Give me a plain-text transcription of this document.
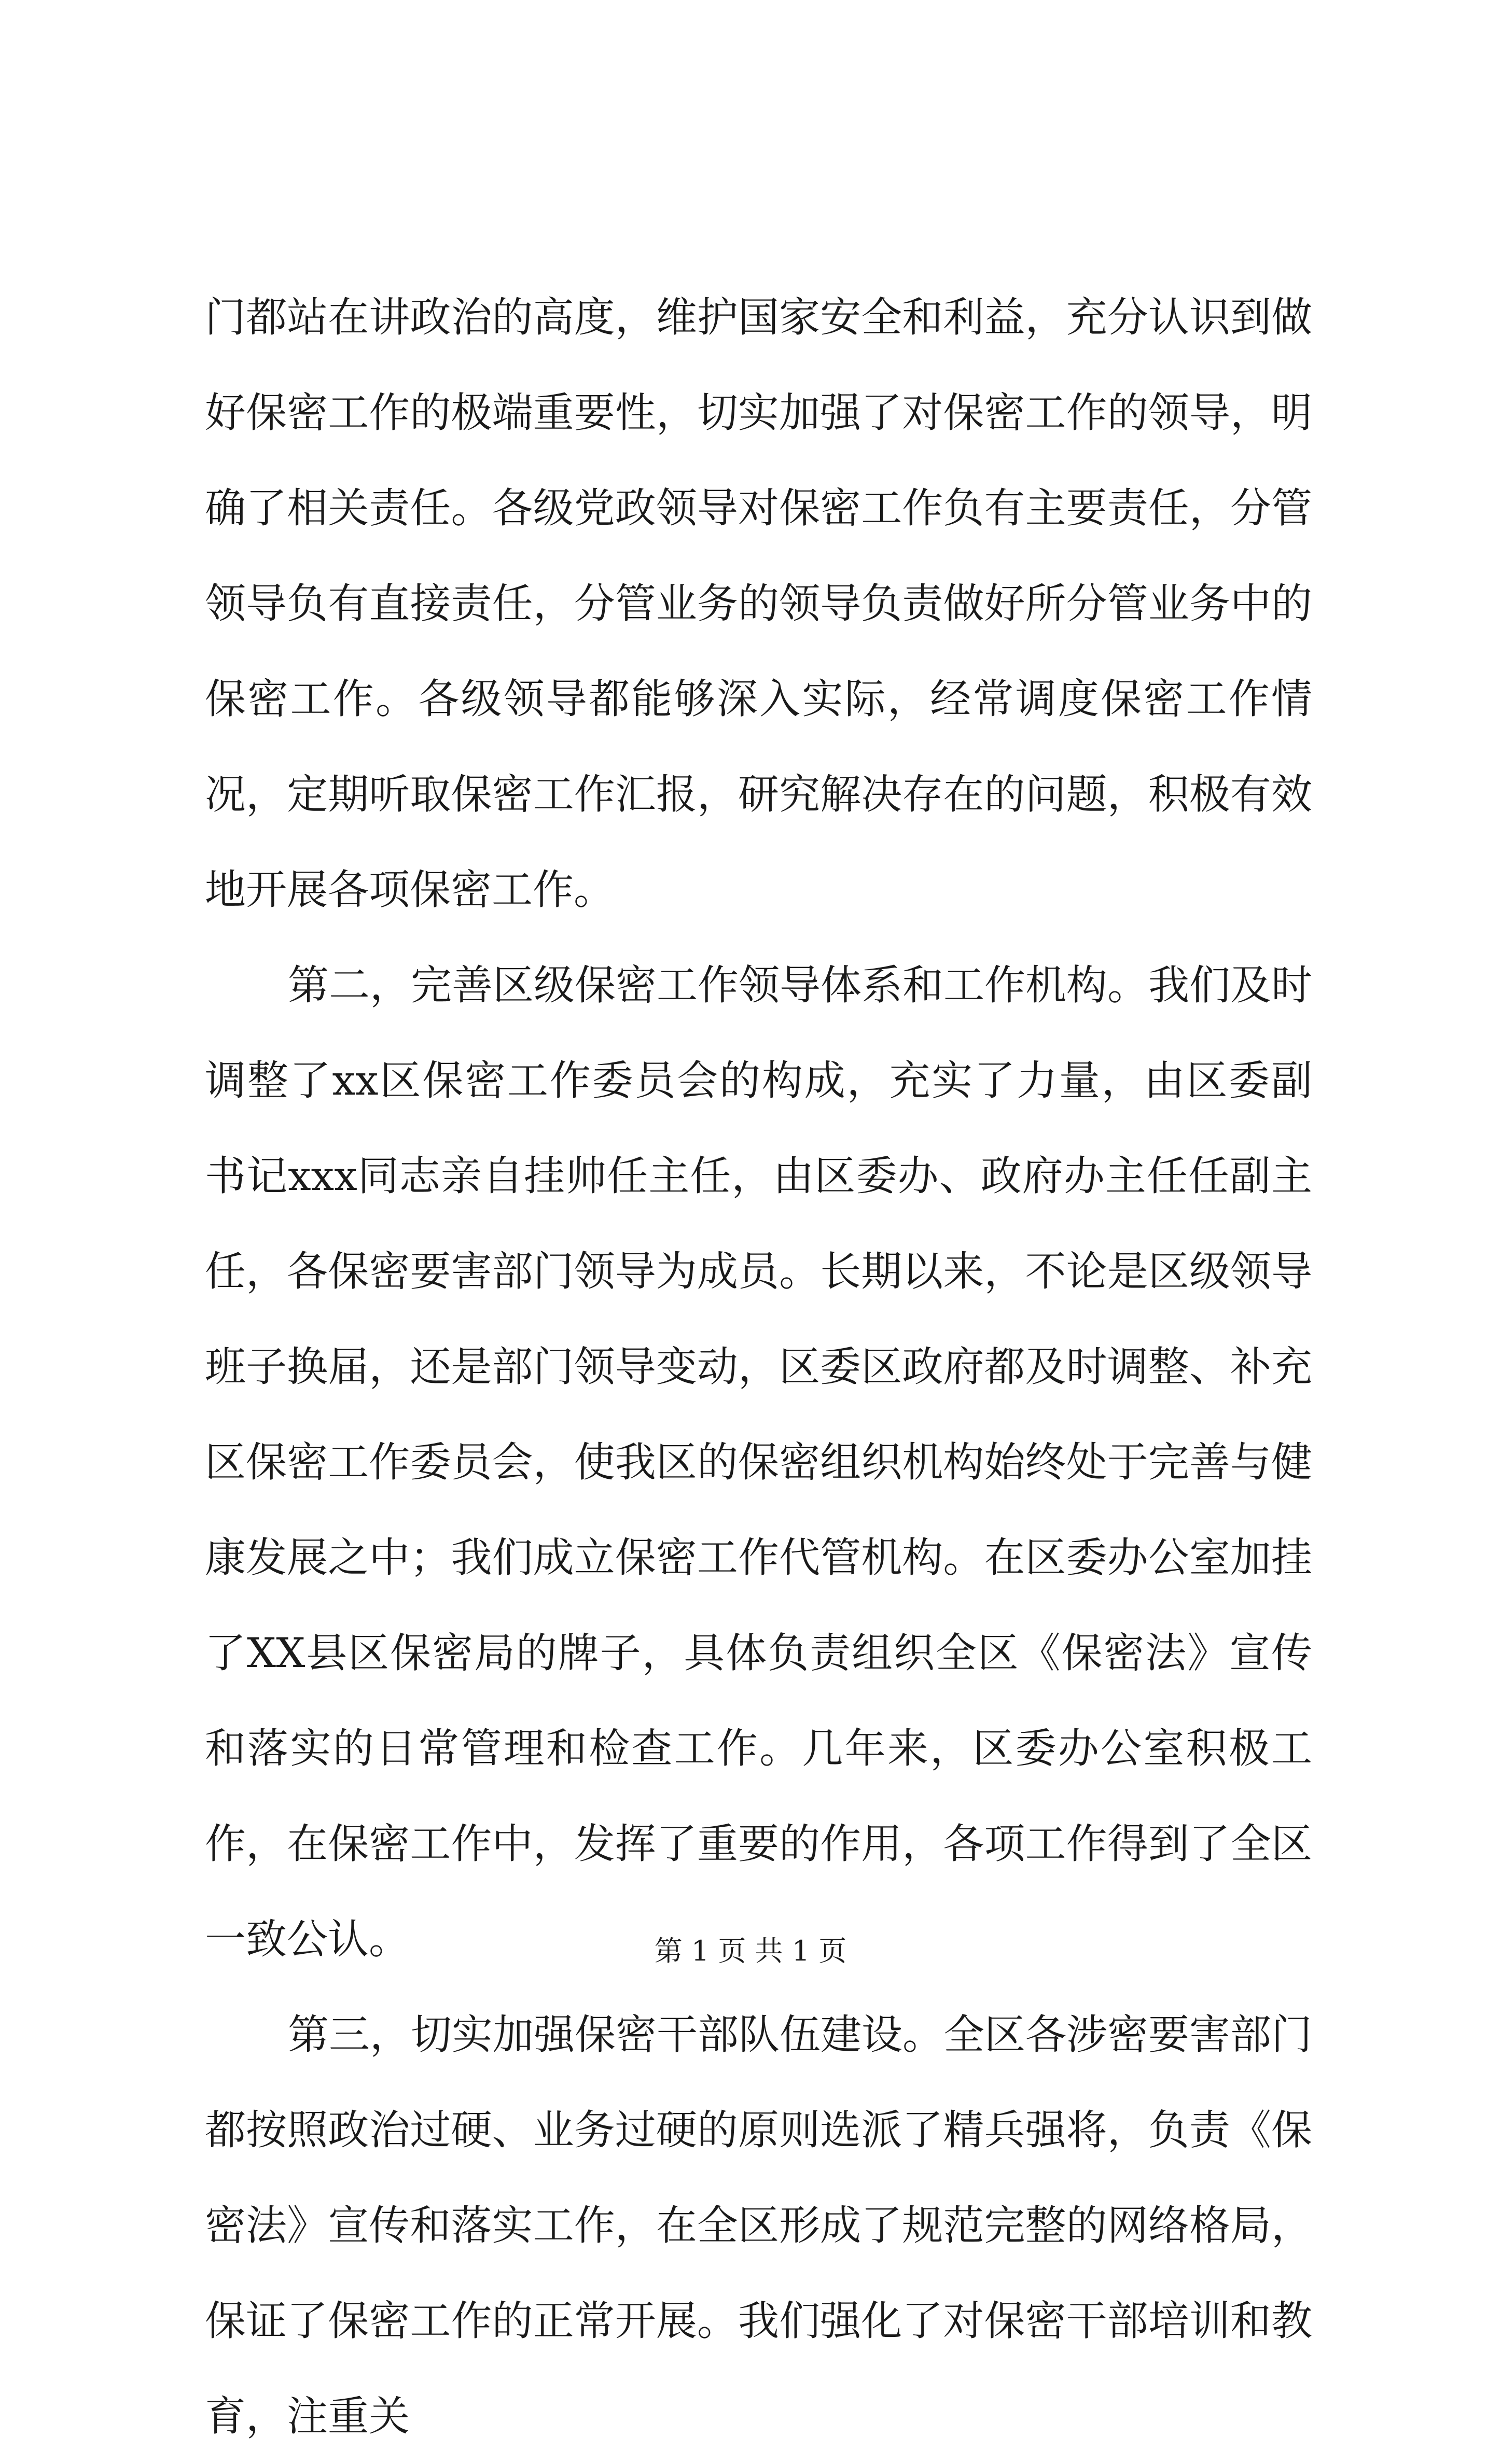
门都站在讲政治的高度，维护国家安全和利益，充分认识到做好保密工作的极端重要性，切实加强了对保密工作的领导，明确了相关责任。各级党政领导对保密工作负有主要责任，分管领导负有直接责任，分管业务的领导负责做好所分管业务中的保密工作。各级领导都能够深入实际，经常调度保密工作情况，定期听取保密工作汇报，研究解决存在的问题，积极有效地开展各项保密工作。

第二，完善区级保密工作领导体系和工作机构。我们及时调整了xx区保密工作委员会的构成，充实了力量，由区委副书记xxx同志亲自挂帅任主任，由区委办、政府办主任任副主任，各保密要害部门领导为成员。长期以来，不论是区级领导班子换届，还是部门领导变动，区委区政府都及时调整、补充区保密工作委员会，使我区的保密组织机构始终处于完善与健康发展之中；我们成立保密工作代管机构。在区委办公室加挂了XX县区保密局的牌子，具体负责组织全区《保密法》宣传和落实的日常管理和检查工作。几年来，区委办公室积极工作，在保密工作中，发挥了重要的作用，各项工作得到了全区一致公认。

第三，切实加强保密干部队伍建设。全区各涉密要害部门都按照政治过硬、业务过硬的原则选派了精兵强将，负责《保密法》宣传和落实工作，在全区形成了规范完整的网络格局，保证了保密工作的正常开展。我们强化了对保密干部培训和教育，注重关

第 1 页 共 1 页
